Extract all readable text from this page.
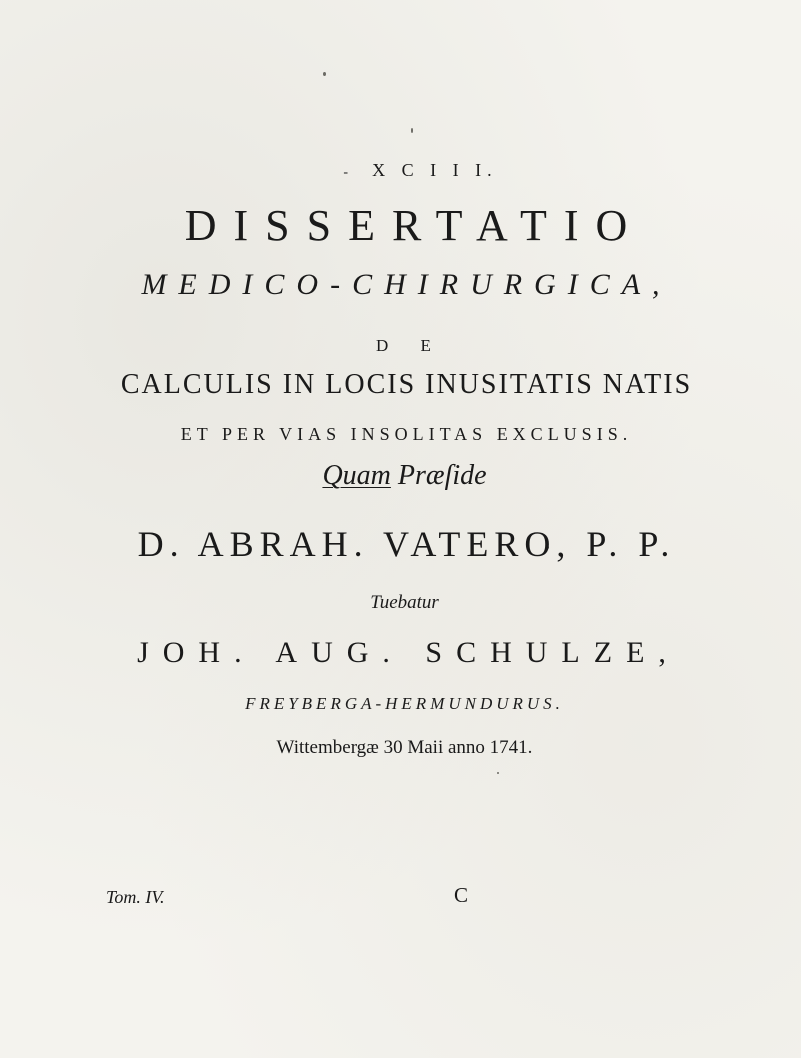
- X C I I I.
DISSERTATIO
MEDICO-CHIRURGICA,
D E
CALCULIS IN LOCIS INUSITATIS NATIS
ET PER VIAS INSOLITAS EXCLUSIS.
Quam Præſide
D. ABRAH. VATERO, P. P.
Tuebatur
JOH. AUG. SCHULZE,
FREYBERGA-HERMUNDURUS.
Wittembergæ 30 Maii anno 1741.
Tom. IV.	C
